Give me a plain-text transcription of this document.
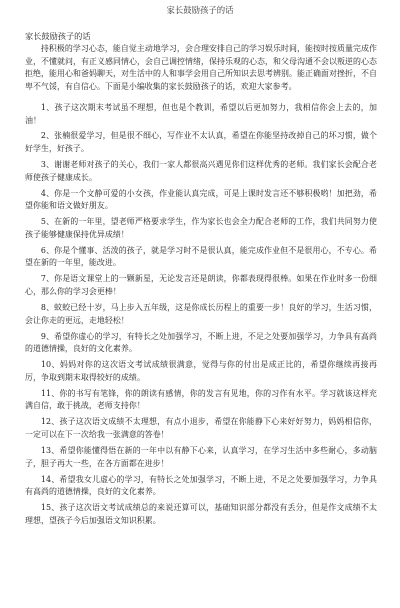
家长鼓励孩子的话
家长鼓励孩子的话

持积极的学习心态，能自觉主动地学习，会合理安排自己的学习娱乐时间，能按时按质量完成作业，不懂就问，有正义感同情心，会自己调控情绪，保持乐观的心态，和父母沟通不会以叛逆的心态拒绝，能用心和爸妈聊天，对生活中的人和事学会用自己所知识去思考辨别。能正确面对挫折，不自卑不气馁，有自信心。下面是小编收集的家长鼓励孩子的话，欢迎大家参考。

1、孩子这次期末考试虽不理想，但也是个教训，希望以后更加努力，我相信你会上去的，加油！

2、张楠很爱学习，但是很不细心，写作业不太认真，希望在你能坚持改掉自己的坏习惯，做个好学生，好孩子。

3、谢谢老师对孩子的关心，我们一家人都很高兴遇见你们这样优秀的老师。我们家长会配合老师使孩子健康成长。

4、你是一个文静可爱的小女孩，作业能认真完成，可是上课时发言还不够积极哟！加把劲，希望你能和语文做好朋友。

5、在新的一年里，望老师严格要求学生，作为家长也会全力配合老师的工作，我们共同努力使孩子能够健康保持优异成绩！

6、你是个懂事、活泼的孩子，就是学习时不是很认真，能完成作业但不是很用心，不专心。希望在新的一年里，能改进。

7、你是语文课堂上的一颗新星，无论发言还是朗读，你都表现得很棒。如果在作业时多一份细心，那么你的学习会更棒！

8、蚊蛟已经十岁，马上步入五年级，这是你成长历程上的重要一步！良好的学习，生活习惯，会让你走的更远，走地轻松！

9、希望你虚心的学习，有特长之处加强学习，不断上进，不足之处要加强学习，力争具有高尚的道德情操，良好的文化素养。

10、妈妈对你的这次语文考试成绩很满意，觉得与你的付出是成正比的，希望你继续再接再厉，争取到期末取得较好的成绩。

11、你的书写有笔锋，你的朗读有感情，你的发言有见地，你的习作有水平。学习就该这样充满自信，敢于挑战，老师支持你！

12、孩子这次语文成绩不太理想，有点小退步，希望在你能静下心来好好努力，妈妈相信你，一定可以在下一次给我一张满意的答卷！

13、希望你能懂得悟在新的一年中以有静下心来，认真学习，在学习生活中多些耐心，多动脑子，胆子再大一些，在各方面都在进步！

14、希望我女儿虚心的学习，有特长之处加强学习，不断上进，不足之处要加强学习，力争具有高尚的道德情操，良好的文化素养。

15、孩子这次语文考试成绩总的来说还算可以，基础知识部分都没有丢分，但是作文成绩不太理想，望孩子今后加强语文知识积累。
